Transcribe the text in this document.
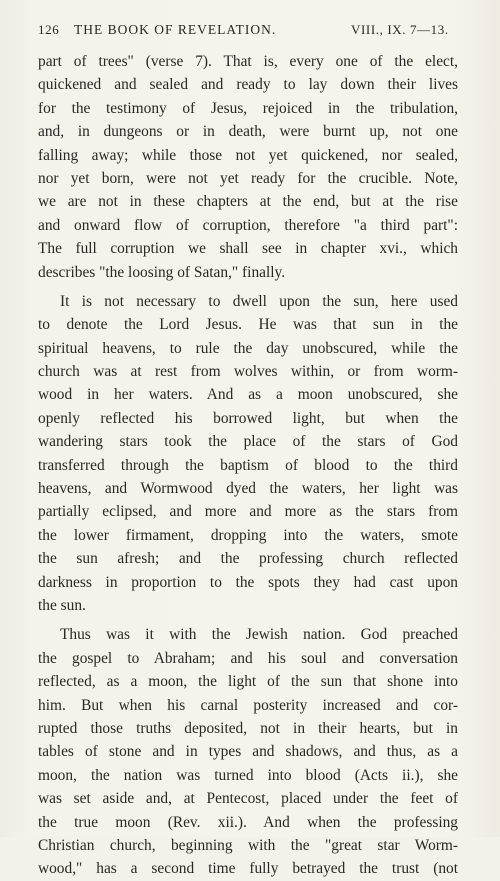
126 THE BOOK OF REVELATION.	VIII., IX. 7—13.
part of trees" (verse 7). That is, every one of the elect,
quickened and sealed and ready to lay down their lives
for the testimony of Jesus, rejoiced in the tribulation,
and, in dungeons or in death, were burnt up, not one
falling away; while those not yet quickened, nor sealed,
nor yet born, were not yet ready for the crucible. Note,
we are not in these chapters at the end, but at the rise
and onward flow of corruption, therefore "a third part":
The full corruption we shall see in chapter xvi., which
describes "the loosing of Satan," finally.
It is not necessary to dwell upon the sun, here used
to denote the Lord Jesus. He was that sun in the
spiritual heavens, to rule the day unobscured, while the
church was at rest from wolves within, or from worm-
wood in her waters. And as a moon unobscured, she
openly reflected his borrowed light, but when the
wandering stars took the place of the stars of God
transferred through the baptism of blood to the third
heavens, and Wormwood dyed the waters, her light was
partially eclipsed, and more and more as the stars from
the lower firmament, dropping into the waters, smote
the sun afresh; and the professing church reflected
darkness in proportion to the spots they had cast upon
the sun.
Thus was it with the Jewish nation. God preached
the gospel to Abraham; and his soul and conversation
reflected, as a moon, the light of the sun that shone into
him. But when his carnal posterity increased and cor-
rupted those truths deposited, not in their hearts, but in
tables of stone and in types and shadows, and thus, as a
moon, the nation was turned into blood (Acts ii.), she
was set aside and, at Pentecost, placed under the feet of
the true moon (Rev. xii.). And when the professing
Christian church, beginning with the "great star Worm-
wood," has a second time fully betrayed the trust (not
